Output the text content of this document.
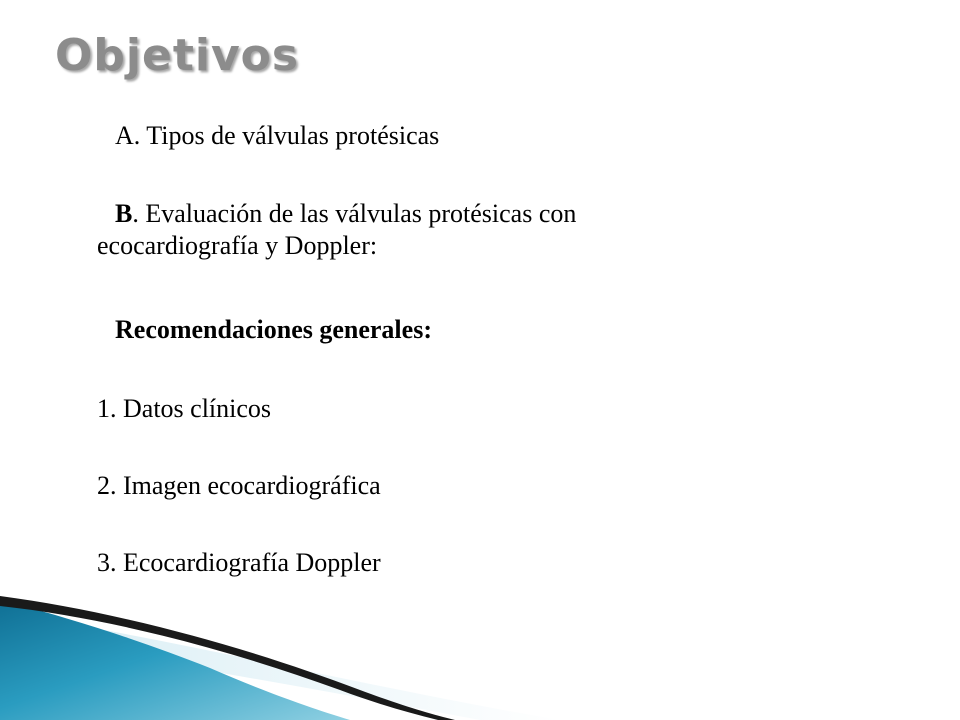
Objetivos

A. Tipos de válvulas protésicas

B. Evaluación de las válvulas protésicas con
ecocardiografía y Doppler:

Recomendaciones generales:

1. Datos clínicos

2. Imagen ecocardiográfica

3. Ecocardiografía Doppler
